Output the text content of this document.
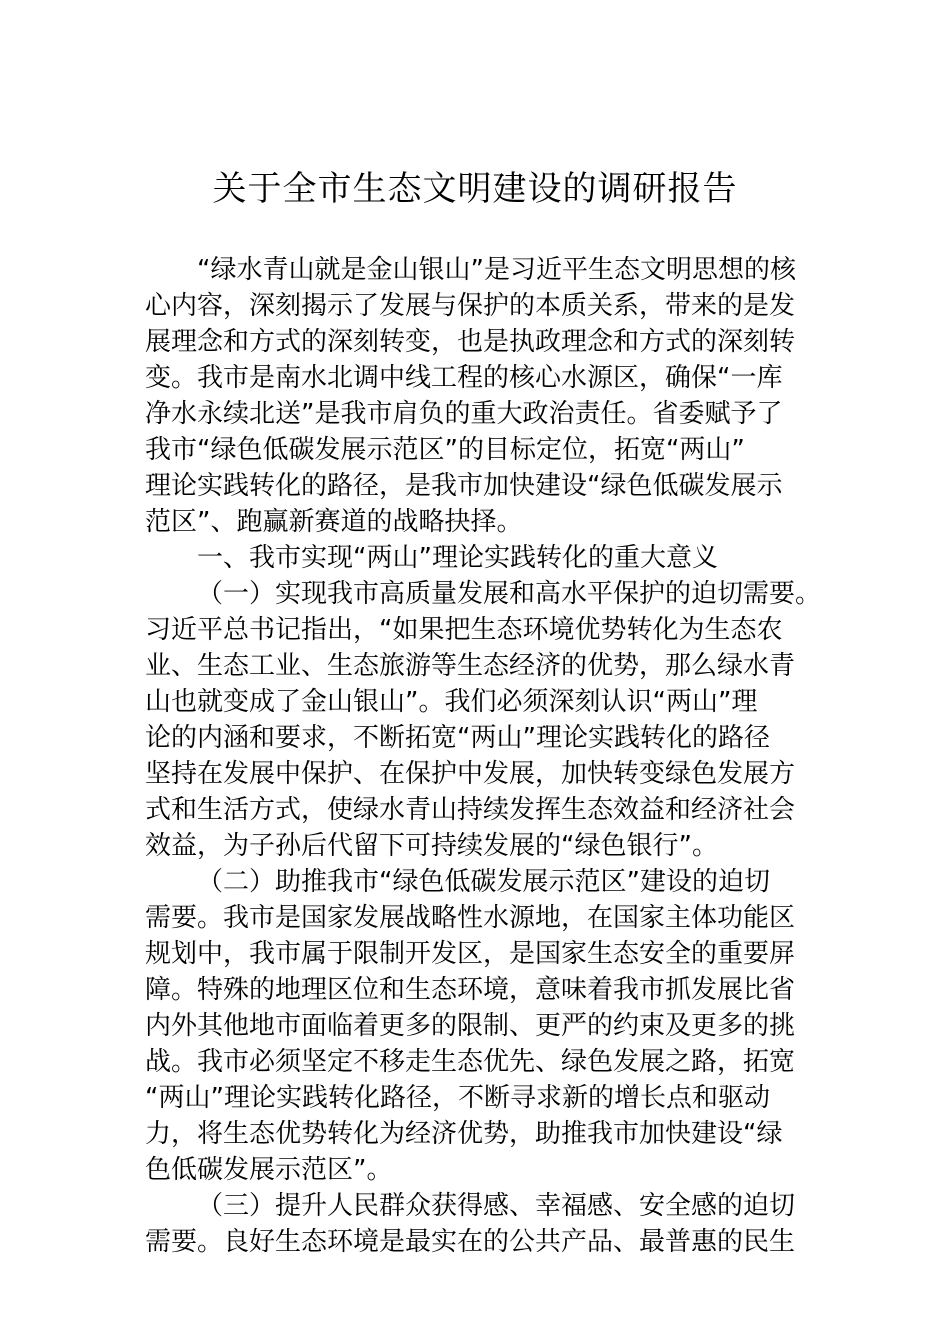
关于全市生态文明建设的调研报告
“绿水青山就是金山银山”是习近平生态文明思想的核
心内容，深刻揭示了发展与保护的本质关系，带来的是发
展理念和方式的深刻转变，也是执政理念和方式的深刻转
变。我市是南水北调中线工程的核心水源区，确保“一库
净水永续北送”是我市肩负的重大政治责任。省委赋予了
我市“绿色低碳发展示范区”的目标定位，拓宽“两山”
理论实践转化的路径，是我市加快建设“绿色低碳发展示
范区”、跑赢新赛道的战略抉择。
一、我市实现“两山”理论实践转化的重大意义
（一）实现我市高质量发展和高水平保护的迫切需要。
习近平总书记指出，“如果把生态环境优势转化为生态农
业、生态工业、生态旅游等生态经济的优势，那么绿水青
山也就变成了金山银山”。我们必须深刻认识“两山”理
论的内涵和要求，不断拓宽“两山”理论实践转化的路径
坚持在发展中保护、在保护中发展，加快转变绿色发展方
式和生活方式，使绿水青山持续发挥生态效益和经济社会
效益，为子孙后代留下可持续发展的“绿色银行”。
（二）助推我市“绿色低碳发展示范区”建设的迫切
需要。我市是国家发展战略性水源地，在国家主体功能区
规划中，我市属于限制开发区，是国家生态安全的重要屏
障。特殊的地理区位和生态环境，意味着我市抓发展比省
内外其他地市面临着更多的限制、更严的约束及更多的挑
战。我市必须坚定不移走生态优先、绿色发展之路，拓宽
“两山”理论实践转化路径，不断寻求新的增长点和驱动
力，将生态优势转化为经济优势，助推我市加快建设“绿
色低碳发展示范区”。
（三）提升人民群众获得感、幸福感、安全感的迫切
需要。良好生态环境是最实在的公共产品、最普惠的民生
